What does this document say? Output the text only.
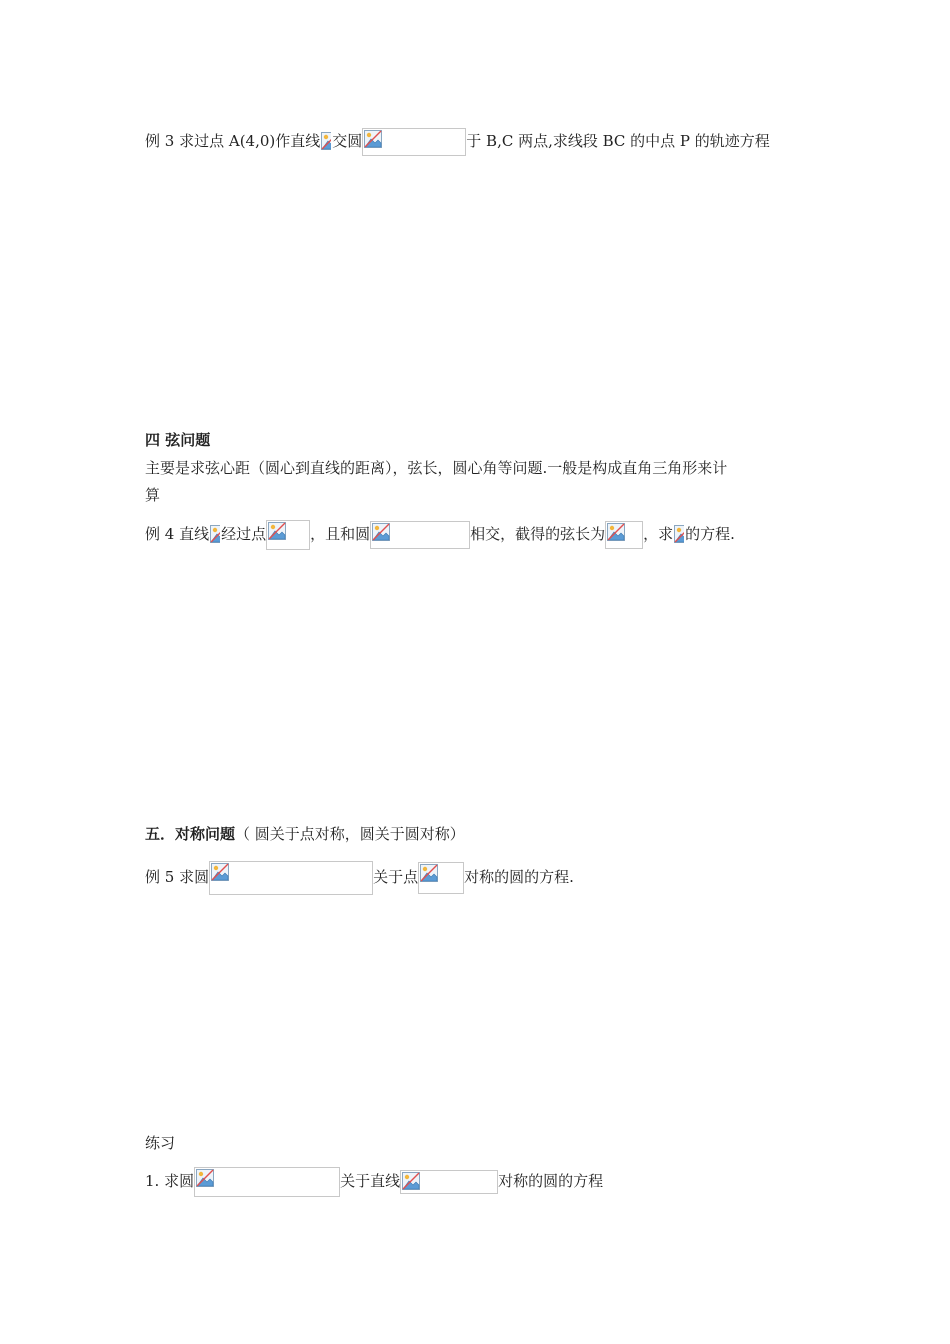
例 3 求过点 A(4,0)作直线 交圆	于 B,C 两点,求线段 BC 的中点 P 的轨迹方程
四 弦问题
主要是求弦心距（圆心到直线的距离），弦长，圆心角等问题.一般是构成直角三角形来计
算
例 4 直线 经过点	，且和圆	相交，截得的弦长为	，求 的方程.
五．对称问题（ 圆关于点对称，圆关于圆对称）
例 5 求圆	关于点	对称的圆的方程.
练习
1. 求圆	关于直线	对称的圆的方程
